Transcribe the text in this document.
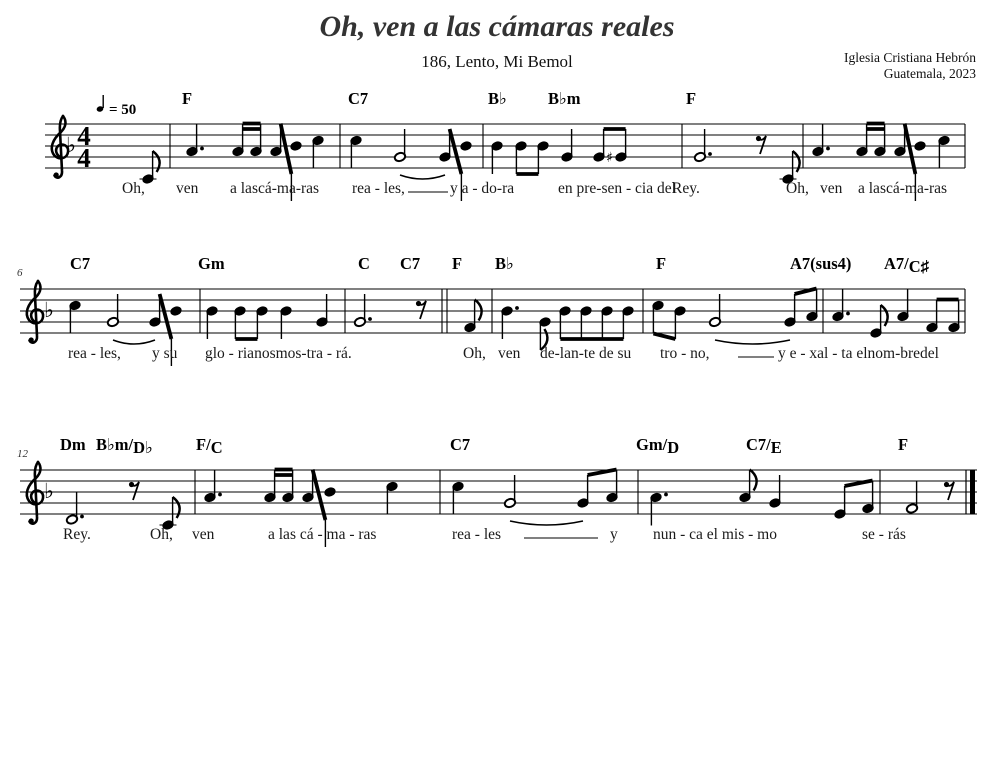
♭ 4
4
= 50
F	C7	B♭ B♭m	F
♯
Oh, ven a lascá-ma-ras rea - les,	y a - do-ra	en pre-sen - cia del
Rey.	Oh, ven a lascá-ma-ras
6
♭
C7	Gm	C C7 F B♭	F	A7(sus4) A7/C♯
rea - les, y su glo - rianosmos-tra - rá.	Oh, ven de-lan-te de su tro - no,	y e - xal - ta elnom-bredel
12
♭
Dm B♭m/D♭	F/C	C7	Gm/D	C7/E	F
Rey.	Oh, ven	a las cá - ma - ras	rea - les	y nun - ca el mis - mo	se - rás
Oh, ven a las cámaras reales
186, Lento, Mi Bemol	Iglesia Cristiana Hebrón
Guatemala, 2023
